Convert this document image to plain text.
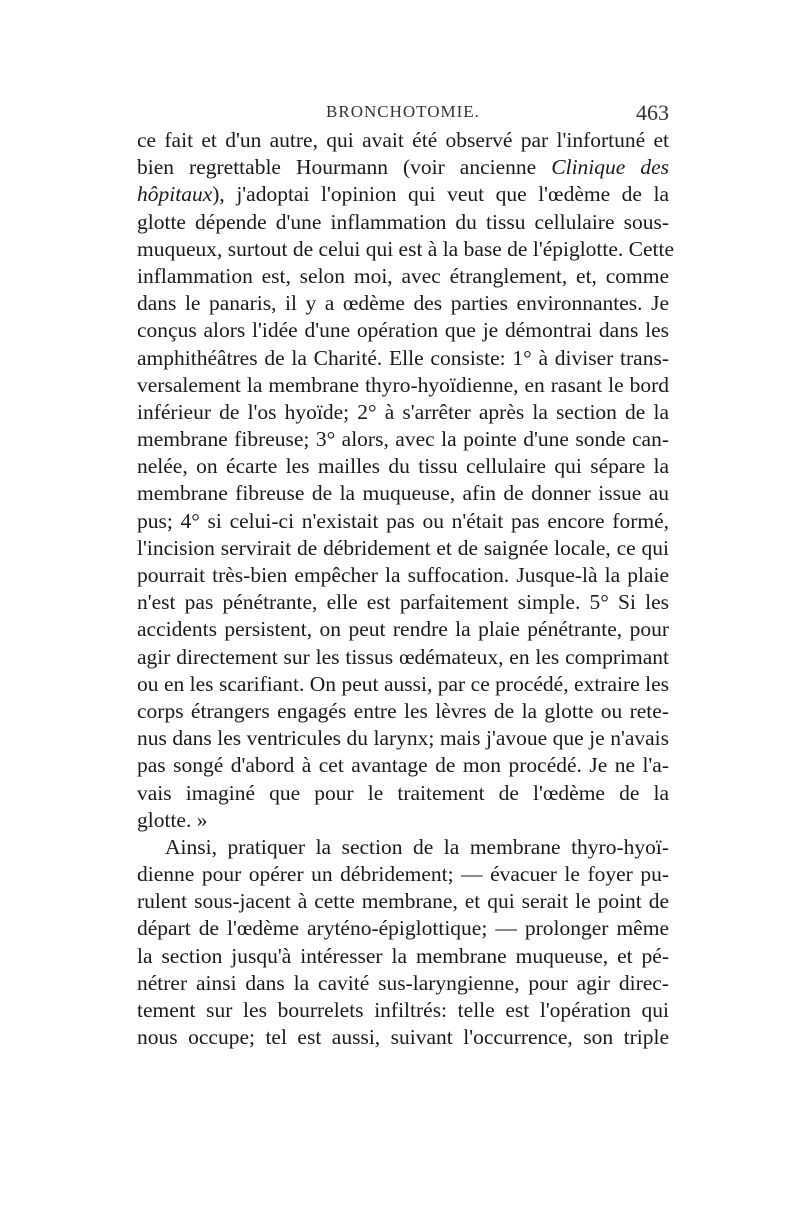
BRONCHOTOMIE.	463
ce fait et d'un autre, qui avait été observé par l'infortuné et
bien regrettable Hourmann (voir ancienne Clinique des
hôpitaux), j'adoptai l'opinion qui veut que l'œdème de la
glotte dépende d'une inflammation du tissu cellulaire sous-
muqueux, surtout de celui qui est à la base de l'épiglotte. Cette
inflammation est, selon moi, avec étranglement, et, comme
dans le panaris, il y a œdème des parties environnantes. Je
conçus alors l'idée d'une opération que je démontrai dans les
amphithéâtres de la Charité. Elle consiste: 1° à diviser trans-
versalement la membrane thyro-hyoïdienne, en rasant le bord
inférieur de l'os hyoïde; 2° à s'arrêter après la section de la
membrane fibreuse; 3° alors, avec la pointe d'une sonde can-
nelée, on écarte les mailles du tissu cellulaire qui sépare la
membrane fibreuse de la muqueuse, afin de donner issue au
pus; 4° si celui-ci n'existait pas ou n'était pas encore formé,
l'incision servirait de débridement et de saignée locale, ce qui
pourrait très-bien empêcher la suffocation. Jusque-là la plaie
n'est pas pénétrante, elle est parfaitement simple. 5° Si les
accidents persistent, on peut rendre la plaie pénétrante, pour
agir directement sur les tissus œdémateux, en les comprimant
ou en les scarifiant. On peut aussi, par ce procédé, extraire les
corps étrangers engagés entre les lèvres de la glotte ou rete-
nus dans les ventricules du larynx; mais j'avoue que je n'avais
pas songé d'abord à cet avantage de mon procédé. Je ne l'a-
vais imaginé que pour le traitement de l'œdème de la
glotte. »
Ainsi, pratiquer la section de la membrane thyro-hyoï-
dienne pour opérer un débridement; — évacuer le foyer pu-
rulent sous-jacent à cette membrane, et qui serait le point de
départ de l'œdème aryténo-épiglottique; — prolonger même
la section jusqu'à intéresser la membrane muqueuse, et pé-
nétrer ainsi dans la cavité sus-laryngienne, pour agir direc-
tement sur les bourrelets infiltrés: telle est l'opération qui
nous occupe; tel est aussi, suivant l'occurrence, son triple
